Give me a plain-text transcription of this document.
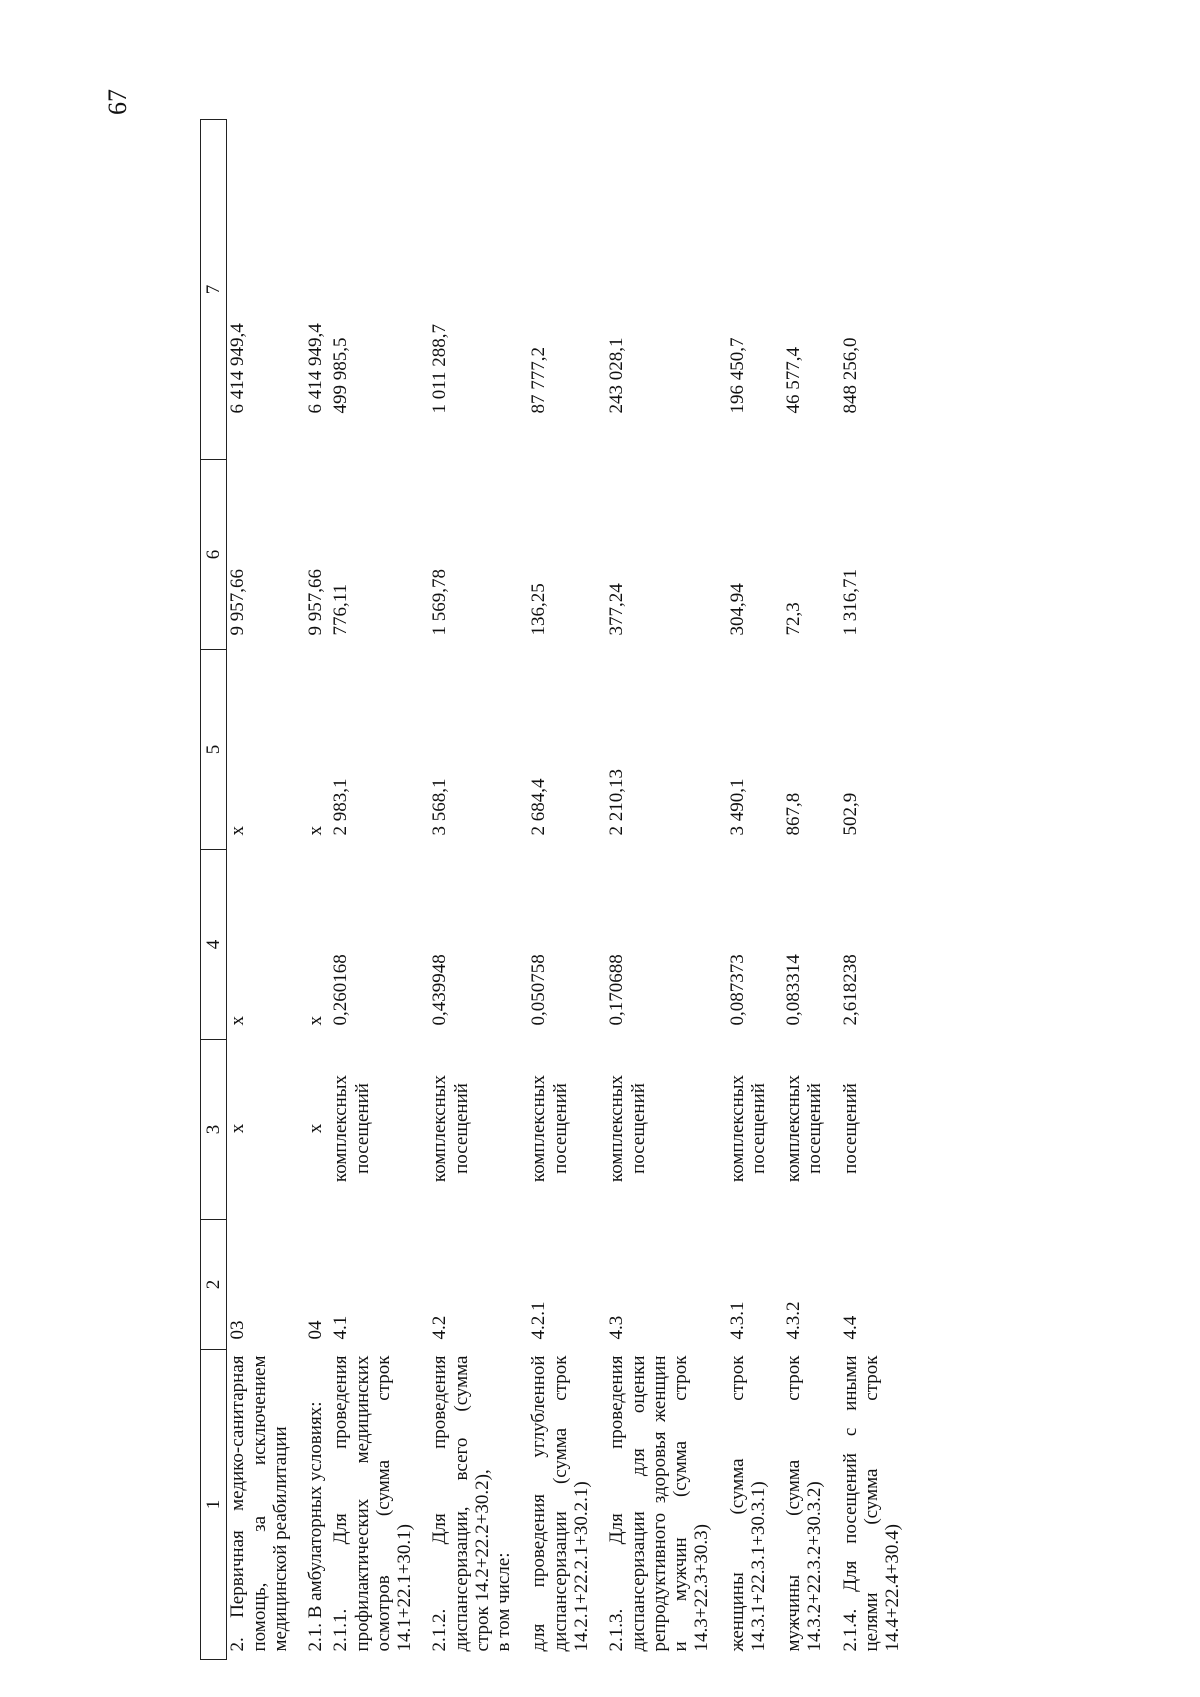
67
1	2	3	4	5	6	7
2. Первичная медико-санитарная помощь, за исключением медицинской реабилитации	03	x	x	x	9 957,66	6 414 949,4
2.1. В амбулаторных условиях:	04	x	x	x	9 957,66	6 414 949,4
2.1.1. Для проведения профилактических медицинских осмотров (сумма строк 14.1+22.1+30.1)	4.1	комплексных посещений	0,260168	2 983,1	776,11	499 985,5

2.1.2. Для проведения диспансеризации, всего (сумма строк 14.2+22.2+30.2), в том числе:	4.2	комплексных посещений	0,439948	3 568,1	1 569,78	1 011 288,7
для проведения углубленной диспансеризации (сумма строк 14.2.1+22.2.1+30.2.1)	4.2.1	комплексных посещений	0,050758	2 684,4	136,25	87 777,2
2.1.3. Для проведения диспансеризации для оценки репродуктивного здоровья женщин и мужчин (сумма строк 14.3+22.3+30.3)	4.3	комплексных посещений	0,170688	2 210,13	377,24	243 028,1
женщины (сумма строк 14.3.1+22.3.1+30.3.1)	4.3.1	комплексных посещений	0,087373	3 490,1	304,94	196 450,7
мужчины (сумма строк 14.3.2+22.3.2+30.3.2)	4.3.2	комплексных посещений	0,083314	867,8	72,3	46 577,4
2.1.4. Для посещений с иными целями (сумма строк 14.4+22.4+30.4)	4.4	посещений	2,618238	502,9	1 316,71	848 256,0
